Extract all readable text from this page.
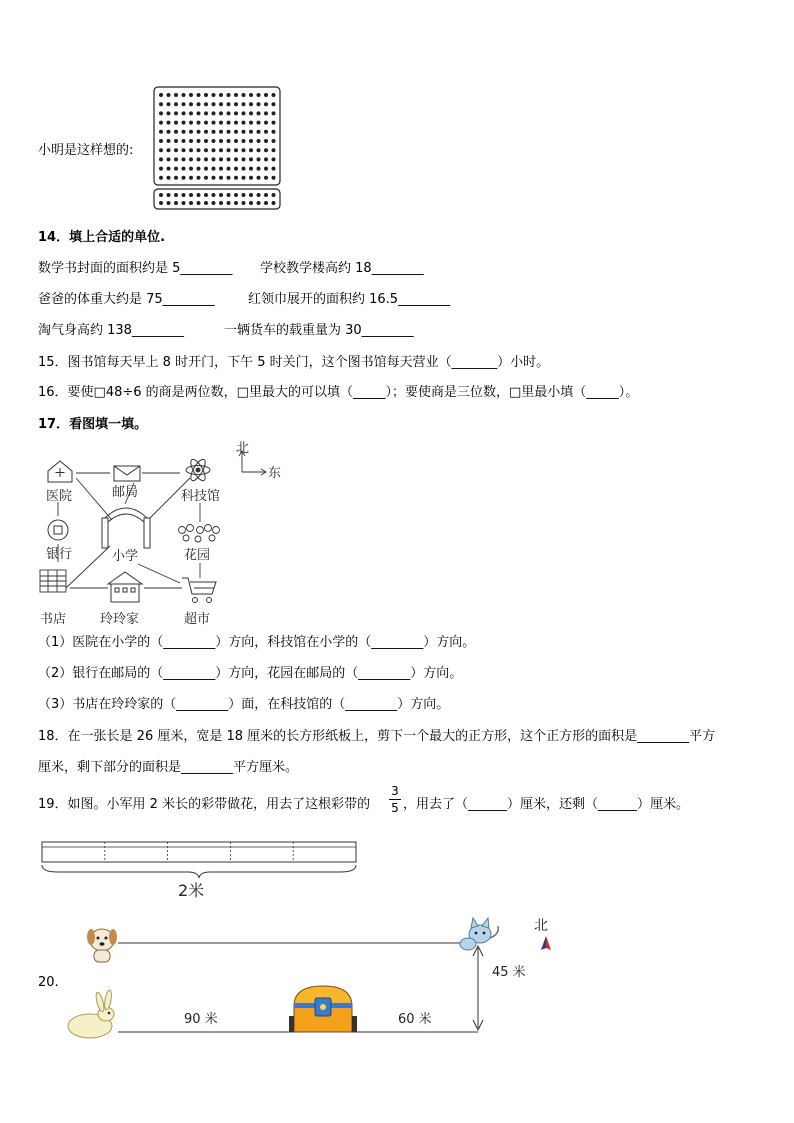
小明是这样想的:
14．填上合适的单位.
数学书封面的面积约是 5________ 学校教学楼高约 18________
爸爸的体重大约是 75________	红领巾展开的面积约 16.5________
淘气身高约 138________	一辆货车的载重量为 30________
15．图书馆每天早上 8 时开门，下午 5 时关门，这个图书馆每天营业（_______）小时。
16．要使□48÷6 的商是两位数，□里最大的可以填（_____）；要使商是三位数，□里最小填（_____）。
17．看图填一填。
北
东
医院	邮局	科技馆
银行	小学	花园
书店	玲玲家	超市
（1）医院在小学的（________）方向，科技馆在小学的（________）方向。
（2）银行在邮局的（________）方向，花园在邮局的（________）方向。
（3）书店在玲玲家的（________）面，在科技馆的（________）方向。
18．在一张长是 26 厘米，宽是 18 厘米的长方形纸板上，剪下一个最大的正方形，这个正方形的面积是________平方
厘米，剩下部分的面积是________平方厘米。
19．如图。小军用 2 米长的彩带做花，用去了这根彩带的
3
5 ，用去了（______）厘米，还剩（______）厘米。
2米
20.
45 米
90 米	60 米
北
